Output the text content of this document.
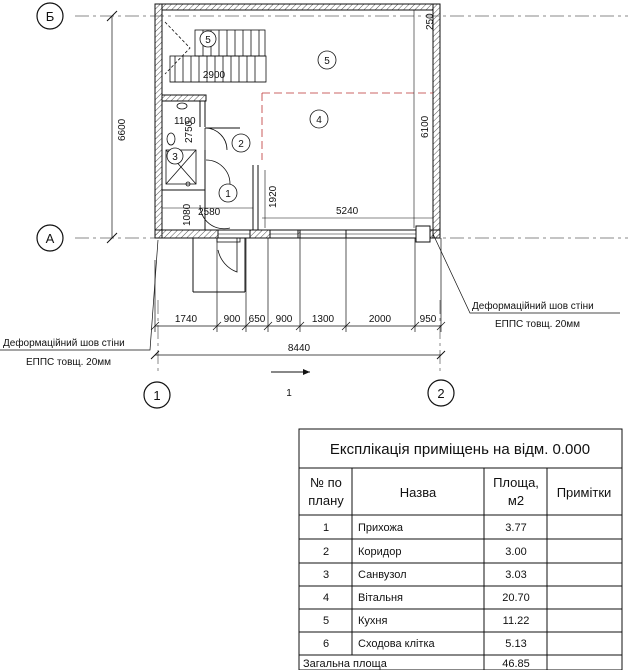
Б
А
1	2
5
5
4
2
1
3
2900
1100
2750
1080 2580
1920
5240
6100
250
6600
1740	900 650 900 1300	2000	950
8440
1
Деформаційний шов стіни
ЕППС товщ. 20мм
Деформаційний шов стіни
ЕППС товщ. 20мм
Експлікація приміщень на відм. 0.000
№ по
плану
Назва
Площа,
м2
Примітки
1	Прихожа	3.77
2	Коридор	3.00
3	Санвузол	3.03
4	Вітальня	20.70
5	Кухня	11.22
6	Сходова клітка	5.13
Загальна площа	46.85
